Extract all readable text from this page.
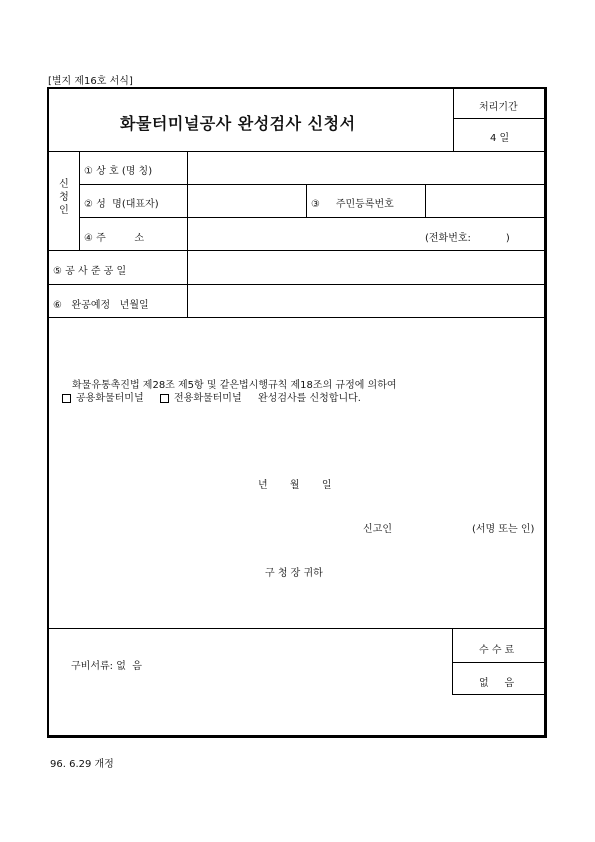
[별지 제16호 서식]
화물터미널공사 완성검사 신청서
처리기간
4 일
신
청
인
① 상 호 (명 칭)
② 성  명(대표자)	③     주민등록번호
④ 주         소	(전화번호:           )
⑤ 공 사 준 공 일
⑥   완공예정   년월일
화물유통촉진법 제28조 제5항 및 같은법시행규칙 제18조의 규정에 의하여
공용화물터미널	전용화물터미널 완성검사를 신청합니다.
년       월       일
신고인	(서명 또는 인)
구 청 장 귀하
구비서류: 없  음
수 수 료
없     음
96. 6.29 개정
